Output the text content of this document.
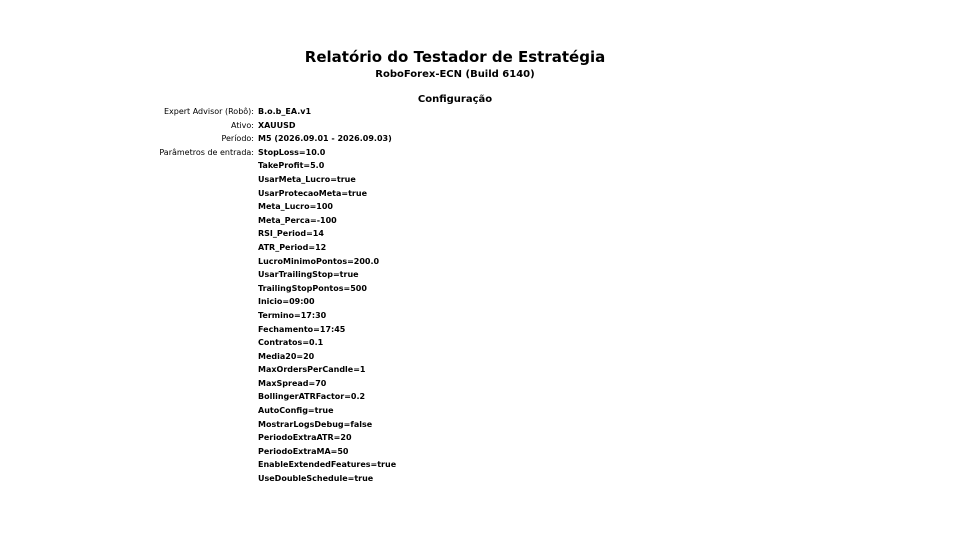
Relatório do Testador de Estratégia
RoboForex-ECN (Build 6140)
Configuração
Expert Advisor (Robô):	B.o.b_EA.v1
Ativo:	XAUUSD
Período:	M5 (2026.09.01 - 2026.09.03)
Parâmetros de entrada:	StopLoss=10.0
	TakeProfit=5.0
	UsarMeta_Lucro=true
	UsarProtecaoMeta=true
	Meta_Lucro=100
	Meta_Perca=-100
	RSI_Period=14
	ATR_Period=12
	LucroMinimoPontos=200.0
	UsarTrailingStop=true
	TrailingStopPontos=500
	Inicio=09:00
	Termino=17:30
	Fechamento=17:45
	Contratos=0.1
	Media20=20
	MaxOrdersPerCandle=1
	MaxSpread=70
	BollingerATRFactor=0.2
	AutoConfig=true
	MostrarLogsDebug=false
	PeriodoExtraATR=20
	PeriodoExtraMA=50
	EnableExtendedFeatures=true
	UseDoubleSchedule=true
